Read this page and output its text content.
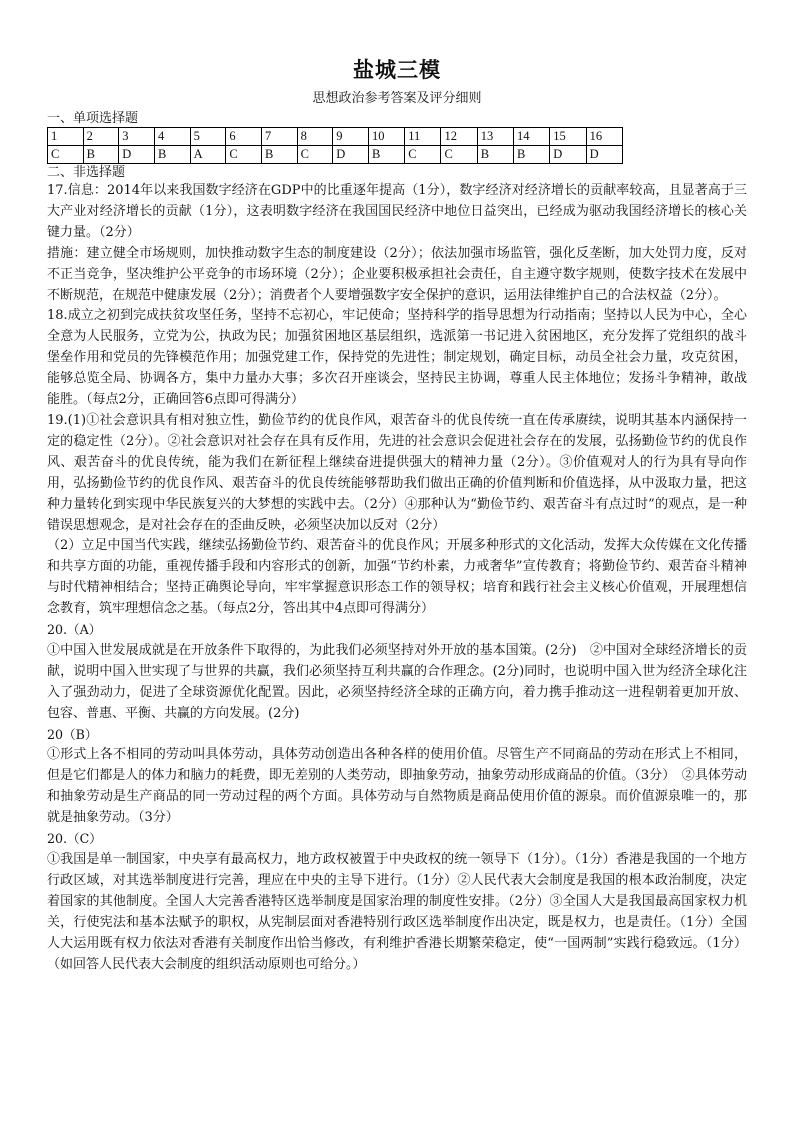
盐城三模
思想政治参考答案及评分细则
一、单项选择题
1	2	3	4	5	6	7	8	9	10	11	12	13	14	15	16
C	B	D	B	A	C	B	C	D	B	C	C	B	B	D	D
二、非选择题

17.信息：2014年以来我国数字经济在GDP中的比重逐年提高（1分），数字经济对经济增长的贡献率较高，且显著高于三大产业对经济增长的贡献（1分），这表明数字经济在我国国民经济中地位日益突出，已经成为驱动我国经济增长的核心关键力量。（2分）

措施：建立健全市场规则，加快推动数字生态的制度建设（2分）；依法加强市场监管，强化反垄断，加大处罚力度，反对不正当竞争，坚决维护公平竞争的市场环境（2分）；企业要积极承担社会责任，自主遵守数字规则，使数字技术在发展中不断规范，在规范中健康发展（2分）；消费者个人要增强数字安全保护的意识，运用法律维护自己的合法权益（2分）。

18.成立之初到完成扶贫攻坚任务，坚持不忘初心，牢记使命；坚持科学的指导思想为行动指南；坚持以人民为中心，全心全意为人民服务，立党为公，执政为民；加强贫困地区基层组织，选派第一书记进入贫困地区，充分发挥了党组织的战斗堡垒作用和党员的先锋模范作用；加强党建工作，保持党的先进性；制定规划，确定目标，动员全社会力量，攻克贫困，能够总览全局、协调各方，集中力量办大事；多次召开座谈会，坚持民主协调，尊重人民主体地位；发扬斗争精神，敢战能胜。（每点2分，正确回答6点即可得满分）

19.(1)①社会意识具有相对独立性，勤俭节约的优良作风，艰苦奋斗的优良传统一直在传承赓续，说明其基本内涵保持一定的稳定性（2分）。②社会意识对社会存在具有反作用，先进的社会意识会促进社会存在的发展，弘扬勤俭节约的优良作风、艰苦奋斗的优良传统，能为我们在新征程上继续奋进提供强大的精神力量（2分）。③价值观对人的行为具有导向作用，弘扬勤俭节约的优良作风、艰苦奋斗的优良传统能够帮助我们做出正确的价值判断和价值选择，从中汲取力量，把这种力量转化到实现中华民族复兴的大梦想的实践中去。（2分）④那种认为“勤俭节约、艰苦奋斗有点过时”的观点，是一种错误思想观念，是对社会存在的歪曲反映，必须坚决加以反对（2分）

（2）立足中国当代实践，继续弘扬勤俭节约、艰苦奋斗的优良作风；开展多种形式的文化活动，发挥大众传媒在文化传播和共享方面的功能，重视传播手段和内容形式的创新，加强“节约朴素，力戒奢华”宣传教育；将勤俭节约、艰苦奋斗精神与时代精神相结合；坚持正确舆论导向，牢牢掌握意识形态工作的领导权；培育和践行社会主义核心价值观，开展理想信念教育，筑牢理想信念之基。（每点2分，答出其中4点即可得满分）

20.（A）

①中国入世发展成就是在开放条件下取得的，为此我们必须坚持对外开放的基本国策。(2分)　②中国对全球经济增长的贡献，说明中国入世实现了与世界的共赢，我们必须坚持互利共赢的合作理念。(2分)同时，也说明中国入世为经济全球化注入了强劲动力，促进了全球资源优化配置。因此，必须坚持经济全球的正确方向，着力携手推动这一进程朝着更加开放、包容、普惠、平衡、共赢的方向发展。(2分)

20（B）

①形式上各不相同的劳动叫具体劳动，具体劳动创造出各种各样的使用价值。尽管生产不同商品的劳动在形式上不相同，但是它们都是人的体力和脑力的耗费，即无差别的人类劳动，即抽象劳动，抽象劳动形成商品的价值。（3分）　②具体劳动和抽象劳动是生产商品的同一劳动过程的两个方面。具体劳动与自然物质是商品使用价值的源泉。而价值源泉唯一的，那就是抽象劳动。（3分）

20.（C）

①我国是单一制国家，中央享有最高权力，地方政权被置于中央政权的统一领导下（1分）。（1分）香港是我国的一个地方行政区域，对其选举制度进行完善，理应在中央的主导下进行。（1分）②人民代表大会制度是我国的根本政治制度，决定着国家的其他制度。全国人大完善香港特区选举制度是国家治理的制度性安排。（2分）③全国人大是我国最高国家权力机关，行使宪法和基本法赋予的职权，从宪制层面对香港特别行政区选举制度作出决定，既是权力，也是责任。（1分）全国人大运用既有权力依法对香港有关制度作出恰当修改，有利维护香港长期繁荣稳定，使“一国两制”实践行稳致远。（1分）（如回答人民代表大会制度的组织活动原则也可给分。）
